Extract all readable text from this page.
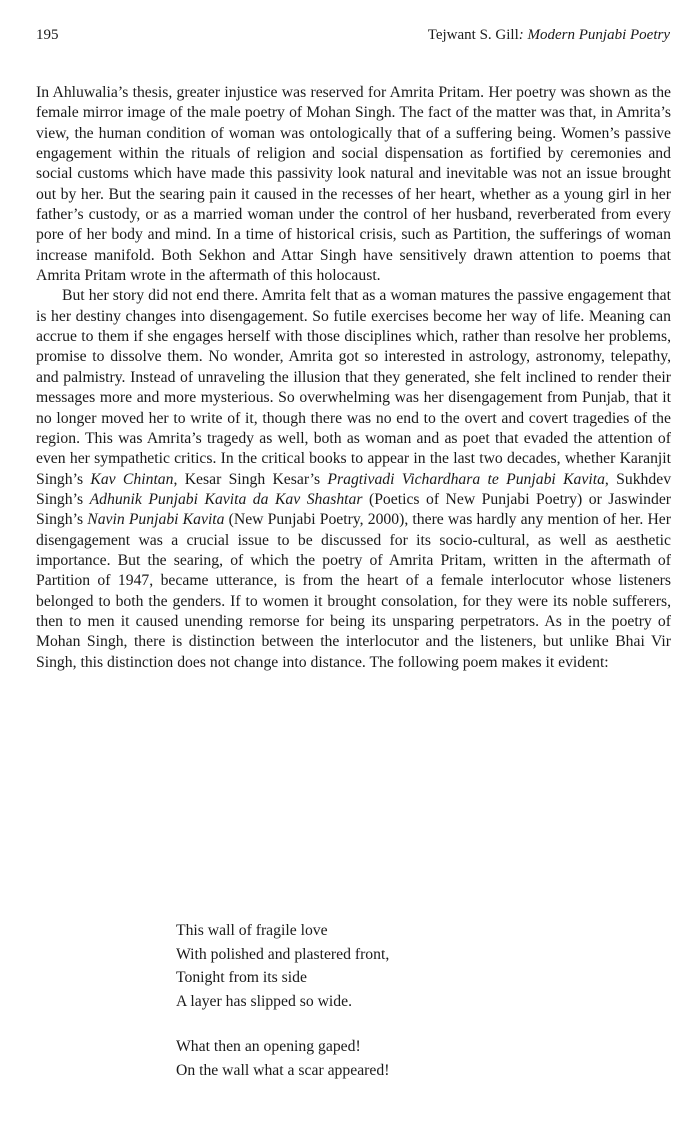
195	Tejwant S. Gill: Modern Punjabi Poetry

In Ahluwalia’s thesis, greater injustice was reserved for Amrita Pritam. Her poetry was shown as the female mirror image of the male poetry of Mohan Singh. The fact of the matter was that, in Amrita’s view, the human condition of woman was ontologically that of a suffering being. Women’s passive engagement within the rituals of religion and social dispensation as fortified by ceremonies and social customs which have made this passivity look natural and inevitable was not an issue brought out by her. But the searing pain it caused in the recesses of her heart, whether as a young girl in her father’s custody, or as a married woman under the control of her husband, reverberated from every pore of her body and mind. In a time of historical crisis, such as Partition, the sufferings of woman increase manifold. Both Sekhon and Attar Singh have sensitively drawn attention to poems that Amrita Pritam wrote in the aftermath of this holocaust.

But her story did not end there. Amrita felt that as a woman matures the passive engagement that is her destiny changes into disengagement. So futile exercises become her way of life. Meaning can accrue to them if she engages herself with those disciplines which, rather than resolve her problems, promise to dissolve them. No wonder, Amrita got so interested in astrology, astronomy, telepathy, and palmistry. Instead of unraveling the illusion that they generated, she felt inclined to render their messages more and more mysterious. So overwhelming was her disengagement from Punjab, that it no longer moved her to write of it, though there was no end to the overt and covert tragedies of the region. This was Amrita’s tragedy as well, both as woman and as poet that evaded the attention of even her sympathetic critics. In the critical books to appear in the last two decades, whether Karanjit Singh’s Kav Chintan, Kesar Singh Kesar’s Pragtivadi Vichardhara te Punjabi Kavita, Sukhdev Singh’s Adhunik Punjabi Kavita da Kav Shashtar (Poetics of New Punjabi Poetry) or Jaswinder Singh’s Navin Punjabi Kavita (New Punjabi Poetry, 2000), there was hardly any mention of her. Her disengagement was a crucial issue to be discussed for its socio-cultural, as well as aesthetic importance. But the searing, of which the poetry of Amrita Pritam, written in the aftermath of Partition of 1947, became utterance, is from the heart of a female interlocutor whose listeners belonged to both the genders. If to women it brought consolation, for they were its noble sufferers, then to men it caused unending remorse for being its unsparing perpetrators. As in the poetry of Mohan Singh, there is distinction between the interlocutor and the listeners, but unlike Bhai Vir Singh, this distinction does not change into distance. The following poem makes it evident:

This wall of fragile love
With polished and plastered front,
Tonight from its side
A layer has slipped so wide.
What then an opening gaped!
On the wall what a scar appeared!
